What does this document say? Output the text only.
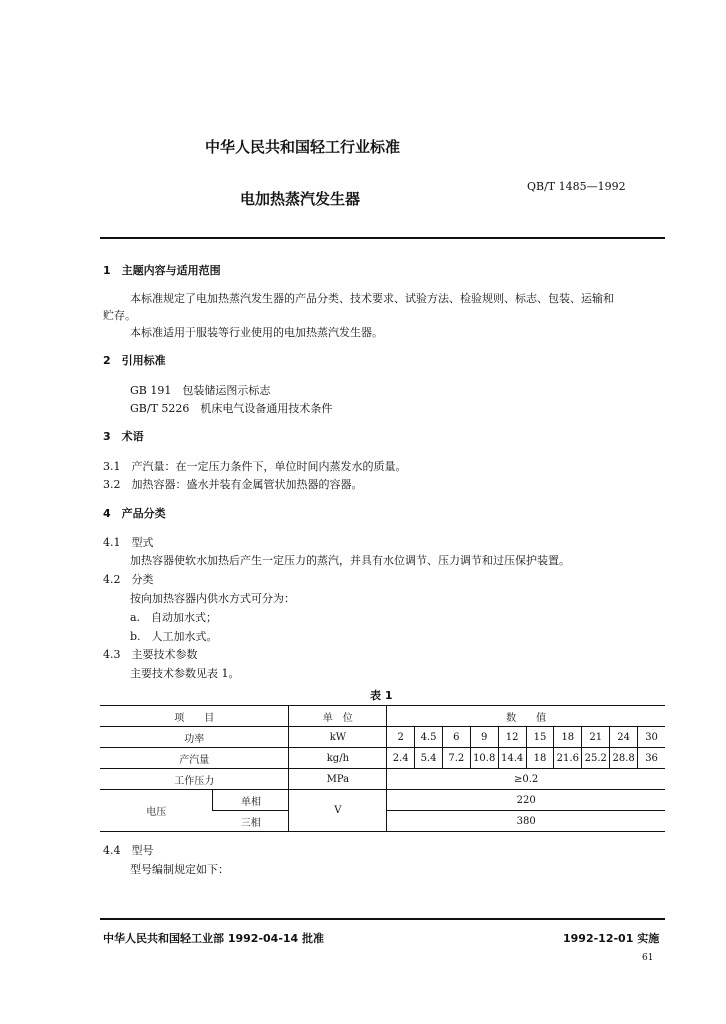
中华人民共和国轻工行业标准
电加热蒸汽发生器
QB/T 1485—1992
1　主题内容与适用范围
本标准规定了电加热蒸汽发生器的产品分类、技术要求、试验方法、检验规则、标志、包装、运输和
贮存。
本标准适用于服装等行业使用的电加热蒸汽发生器。
2　引用标准
GB 191　包装储运图示标志
GB/T 5226　机床电气设备通用技术条件
3　术语
3.1　产汽量：在一定压力条件下，单位时间内蒸发水的质量。
3.2　加热容器：盛水并装有金属管状加热器的容器。
4　产品分类
4.1　型式
加热容器使软水加热后产生一定压力的蒸汽，并具有水位调节、压力调节和过压保护装置。
4.2　分类
按向加热容器内供水方式可分为：
a.　自动加水式；
b.　人工加水式。
4.3　主要技术参数
主要技术参数见表 1。
表 1
项　　目		单　位	数　　值									
功率		kW	2	4.5	6	9	12	15	18	21	24	30
产汽量		kg/h	2.4	5.4	7.2	10.8	14.4	18	21.6	25.2	28.8	36
工作压力		MPa	≥0.2									
电压	单相	V	220									
	三相		380									
4.4　型号
型号编制规定如下：
中华人民共和国轻工业部 1992-04-14 批准	1992-12-01 实施
61
